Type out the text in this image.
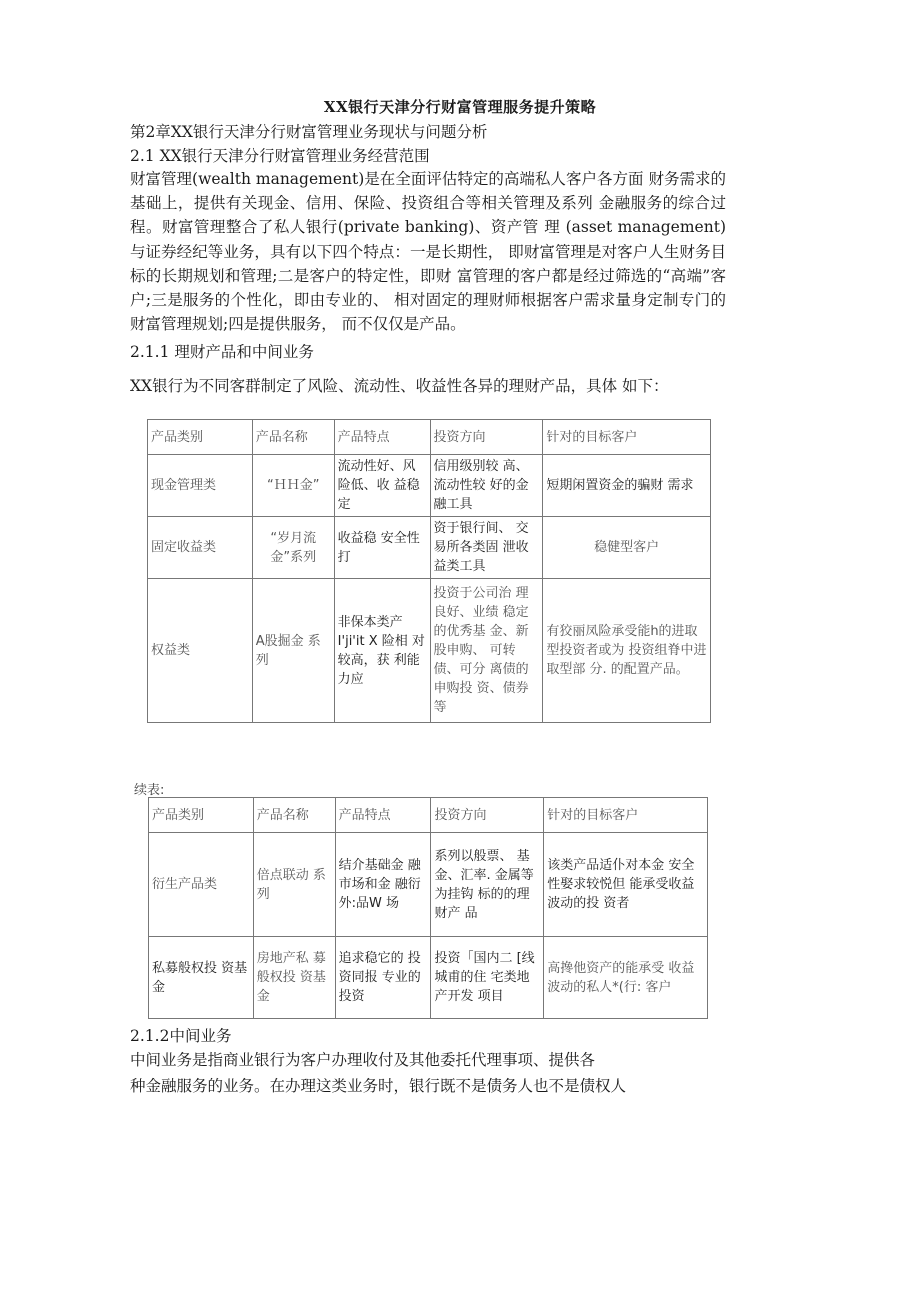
XX银行天津分行财富管理服务提升策略
第2章XX银行天津分行财富管理业务现状与问题分析
2.1 XX银行天津分行财富管理业务经营范围
财富管理(wealth management)是在全面评估特定的高端私人客户各方面 财务需求的基础上，提供有关现金、信用、保险、投资组合等相关管理及系列 金融服务的综合过程。财富管理整合了私人银行(private banking)、资产管 理 (asset management)与证券经纪等业务，具有以下四个特点：一是长期性， 即财富管理是对客户人生财务目标的长期规划和管理;二是客户的特定性，即财 富管理的客户都是经过筛选的“高端”客户;三是服务的个性化，即由专业的、 相对固定的理财师根据客户需求量身定制专门的财富管理规划;四是提供服务， 而不仅仅是产品。
2.1.1 理财产品和中间业务
XX银行为不同客群制定了风险、流动性、收益性各异的理财产品，具体 如下：
产品类别	产品名称	产品特点	投资方向	针对的目标客户
现金管理类	“ＨＨ金”	流动性好、风险低、收 益稳定	信用级别较 高、流动性较 好的金融工具	短期闲置资金的骗财 需求
固定收益类	“岁月流金”系列	收益稳 安全性打	资于银行间、 交易所各类固 泄收益类工具	稳健型客户
权益类	A股掘金 系列	非保本类产I'ji'it X 险相 对较高，获 利能力应	投资于公司治 理良好、业绩 稳定的优秀基 金、新股申购、 可转债、可分 离债的申购投 资、债券等	有狡丽凤险承受能h的进取型投资者或为 投资组脊中进取型部 分. 的配置产品。
续表:
产品类别	产品名称	产品特点	投资方向	针对的目标客户
衍生产品类	倍点联动 系列	结介基础金 融市场和金 融衍外:品W 场	系列以般票、 基金、汇率. 金属等为挂钩 标的的理财产 品	该类产品适仆对本金 安全性娶求较悦但 能承受收益波动的投 资者
私募般权投 资基金	房地产私 募般权投 资基金	追求稳它的 投资同报 专业的投资	投资「国内二 [线城甫的住 宅类地产开发 项目	高搀他资产的能承受 收益波动的私人*(行: 客户
2.1.2中间业务
中间业务是指商业银行为客户办理收付及其他委托代理事项、提供各
种金融服务的业务。在办理这类业务时，银行既不是债务人也不是债权人
